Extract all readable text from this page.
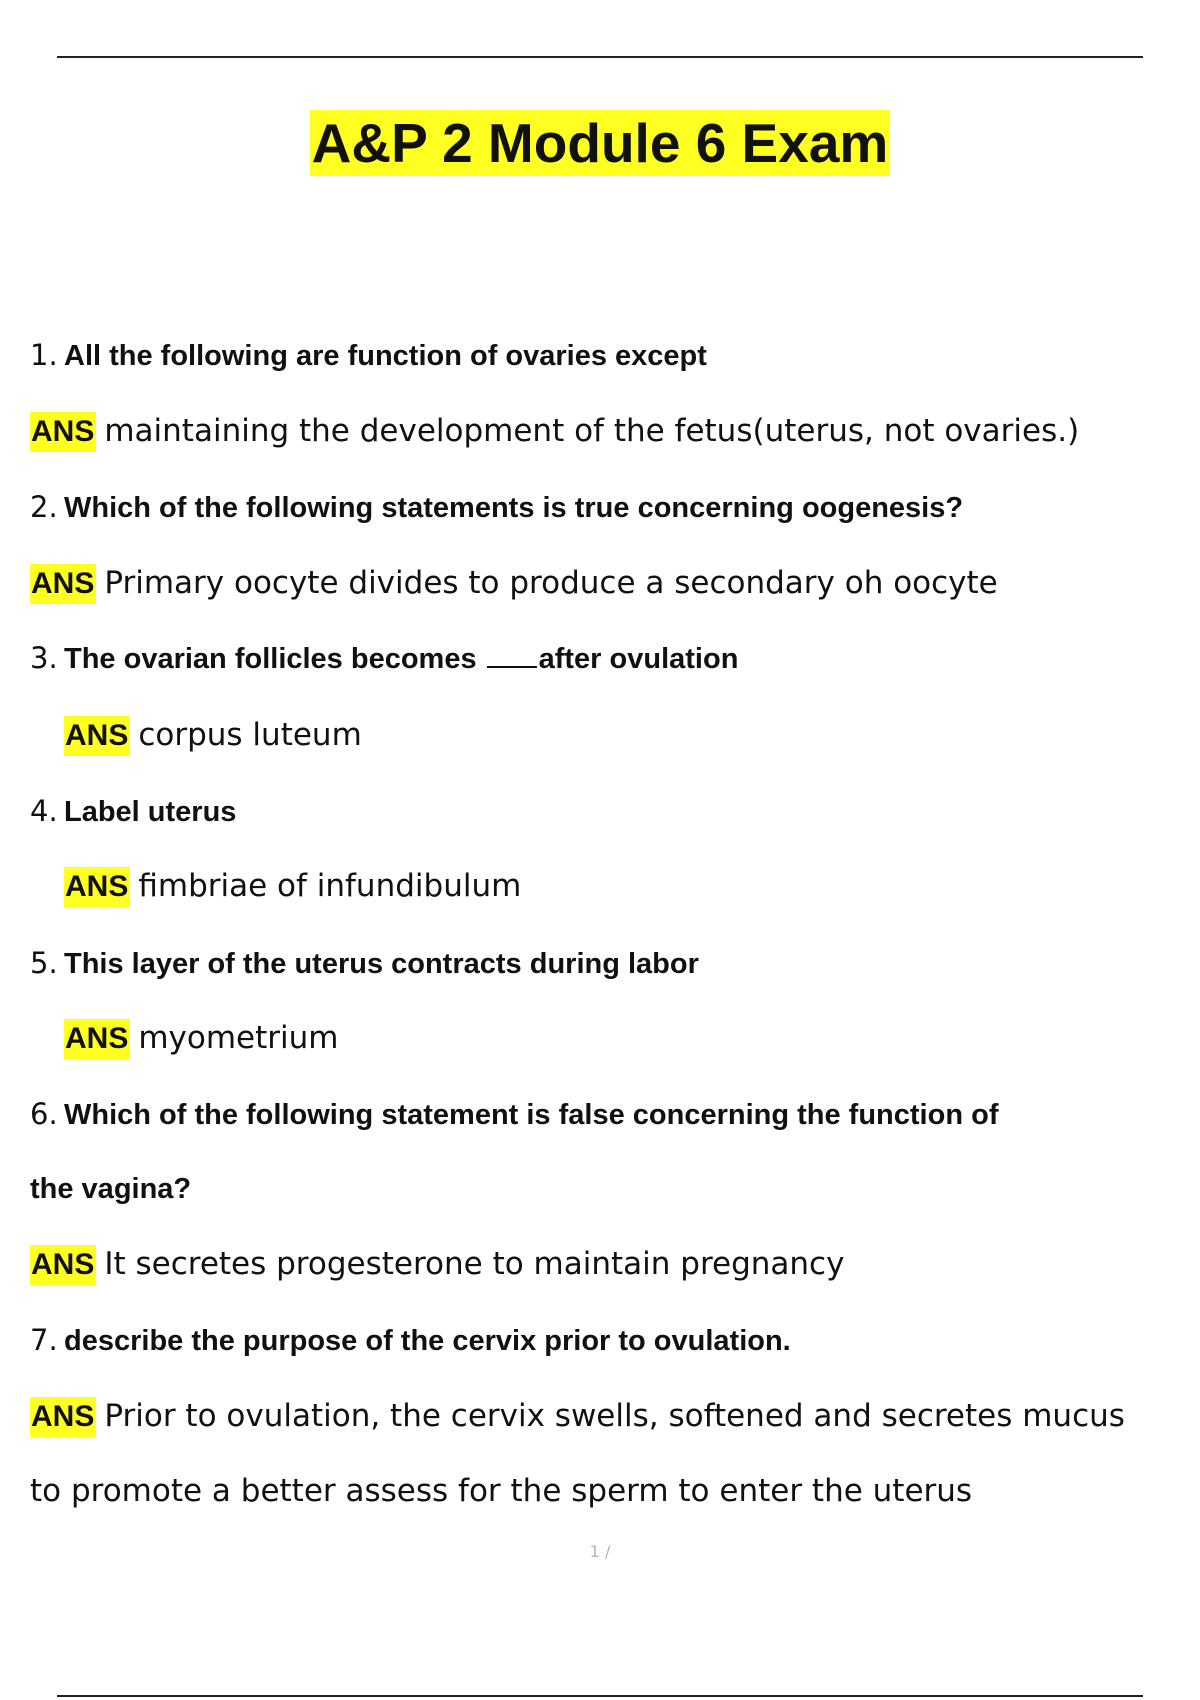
A&P 2 Module 6 Exam
1. All the following are function of ovaries except
ANS maintaining the development of the fetus(uterus, not ovaries.)
2. Which of the following statements is true concerning oogenesis?
ANS Primary oocyte divides to produce a secondary oh oocyte
3. The ovarian follicles becomes after ovulation
ANS corpus luteum
4. Label uterus
ANS fimbriae of infundibulum
5. This layer of the uterus contracts during labor
ANS myometrium
6. Which of the following statement is false concerning the function of
the vagina?
ANS It secretes progesterone to maintain pregnancy
7. describe the purpose of the cervix prior to ovulation.
ANS Prior to ovulation, the cervix swells, softened and secretes mucus
to promote a better assess for the sperm to enter the uterus
1 /
